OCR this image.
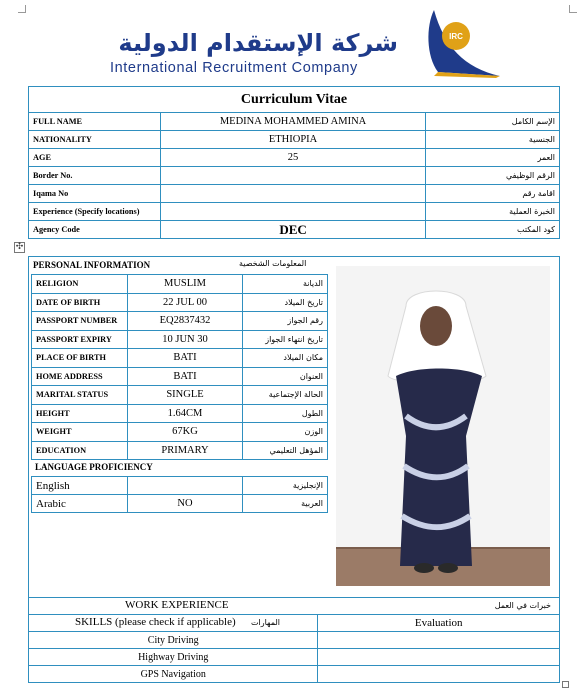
شركة الإستقدام الدولية
International Recruitment Company
IRC
Curriculum Vitae		
FULL NAME	MEDINA MOHAMMED AMINA	الإسم الكامل
NATIONALITY	ETHIOPIA	الجنسية
AGE	25	العمر
Border No.		الرقم الوظيفي
Iqama No		اقامة رقم
Experience (Specify locations)		الخبرة العملية
Agency Code	DEC	كود المكتب
✣
PERSONAL INFORMATION	المعلومات الشخصية
RELIGION	MUSLIM	الديانة
DATE OF BIRTH	22 JUL 00	تاريخ الميلاد
PASSPORT NUMBER	EQ2837432	رقم الجواز
PASSPORT EXPIRY	10 JUN 30	تاريخ انتهاء الجواز
PLACE OF BIRTH	BATI	مكان الميلاد
HOME ADDRESS	BATI	العنوان
MARITAL STATUS	SINGLE	الحالة الإجتماعية
HEIGHT	1.64CM	الطول
WEIGHT	67KG	الوزن
EDUCATION	PRIMARY	المؤهل التعليمي
LANGUAGE PROFICIENCY
English		الإنجليزية
Arabic	NO	العربية
WORK EXPERIENCE خبرات في العمل	

SKILLS (please check if applicable) المهارات	Evaluation
City Driving	
Highway Driving	
GPS Navigation	
